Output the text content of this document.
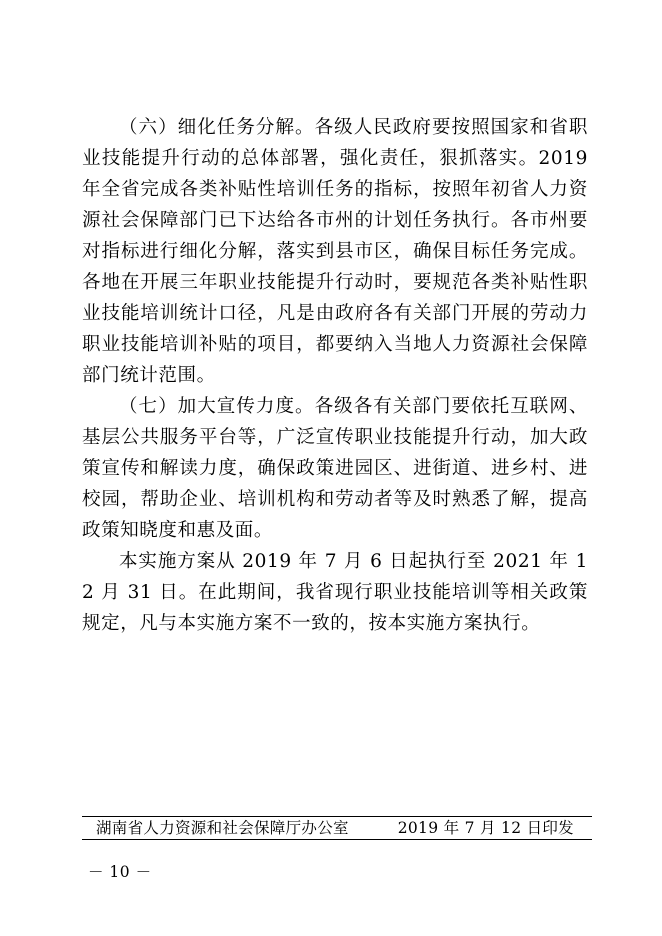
（六）细化任务分解。各级人民政府要按照国家和省职业技能提升行动的总体部署，强化责任，狠抓落实。2019年全省完成各类补贴性培训任务的指标，按照年初省人力资源社会保障部门已下达给各市州的计划任务执行。各市州要对指标进行细化分解，落实到县市区，确保目标任务完成。各地在开展三年职业技能提升行动时，要规范各类补贴性职业技能培训统计口径，凡是由政府各有关部门开展的劳动力职业技能培训补贴的项目，都要纳入当地人力资源社会保障部门统计范围。

（七）加大宣传力度。各级各有关部门要依托互联网、基层公共服务平台等，广泛宣传职业技能提升行动，加大政策宣传和解读力度，确保政策进园区、进街道、进乡村、进校园，帮助企业、培训机构和劳动者等及时熟悉了解，提高政策知晓度和惠及面。

本实施方案从 2019 年 7 月 6 日起执行至 2021 年 12 月 31 日。在此期间，我省现行职业技能培训等相关政策规定，凡与本实施方案不一致的，按本实施方案执行。

湖南省人力资源和社会保障厅办公室	2019 年 7 月 12 日印发
－ 10 －
